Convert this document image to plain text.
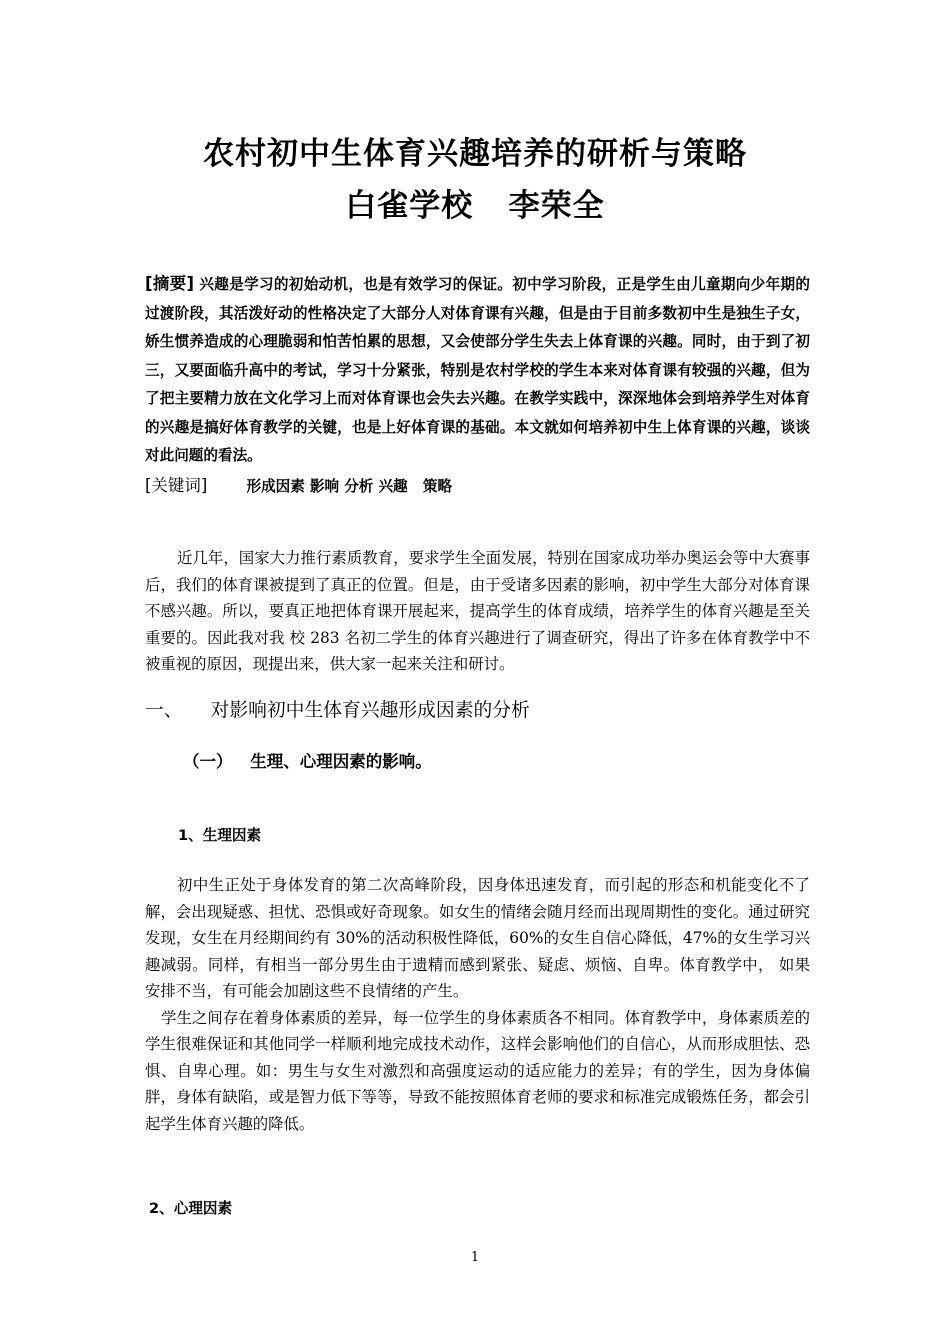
农村初中生体育兴趣培养的研析与策略
白雀学校   李荣全
[摘要] 兴趣是学习的初始动机，也是有效学习的保证。初中学习阶段，正是学生由儿童期向少年期的过渡阶段，其活泼好动的性格决定了大部分人对体育课有兴趣，但是由于目前多数初中生是独生子女，娇生惯养造成的心理脆弱和怕苦怕累的思想，又会使部分学生失去上体育课的兴趣。同时，由于到了初三，又要面临升高中的考试，学习十分紧张，特别是农村学校的学生本来对体育课有较强的兴趣，但为了把主要精力放在文化学习上而对体育课也会失去兴趣。在教学实践中，深深地体会到培养学生对体育的兴趣是搞好体育教学的关键，也是上好体育课的基础。本文就如何培养初中生上体育课的兴趣，谈谈对此问题的看法。
[关键词]	形成因素 影响 分析 兴趣   策略

近几年，国家大力推行素质教育，要求学生全面发展，特别在国家成功举办奥运会等中大赛事后，我们的体育课被提到了真正的位置。但是，由于受诸多因素的影响，初中学生大部分对体育课不感兴趣。所以，要真正地把体育课开展起来，提高学生的体育成绩，培养学生的体育兴趣是至关重要的。因此我对我 校 283 名初二学生的体育兴趣进行了调查研究，得出了许多在体育教学中不被重视的原因，现提出来，供大家一起来关注和研讨。

一、 对影响初中生体育兴趣形成因素的分析
（一） 生理、心理因素的影响。
1、生理因素

初中生正处于身体发育的第二次高峰阶段，因身体迅速发育，而引起的形态和机能变化不了解，会出现疑惑、担忧、恐惧或好奇现象。如女生的情绪会随月经而出现周期性的变化。通过研究发现，女生在月经期间约有 30%的活动积极性降低，60%的女生自信心降低，47%的女生学习兴趣减弱。同样，有相当一部分男生由于遗精而感到紧张、疑虑、烦恼、自卑。体育教学中， 如果安排不当，有可能会加剧这些不良情绪的产生。

学生之间存在着身体素质的差异，每一位学生的身体素质各不相同。体育教学中，身体素质差的学生很难保证和其他同学一样顺利地完成技术动作，这样会影响他们的自信心，从而形成胆怯、恐惧、自卑心理。如：男生与女生对激烈和高强度运动的适应能力的差异；有的学生，因为身体偏胖，身体有缺陷，或是智力低下等等，导致不能按照体育老师的要求和标准完成锻炼任务，都会引起学生体育兴趣的降低。

2、心理因素
1
